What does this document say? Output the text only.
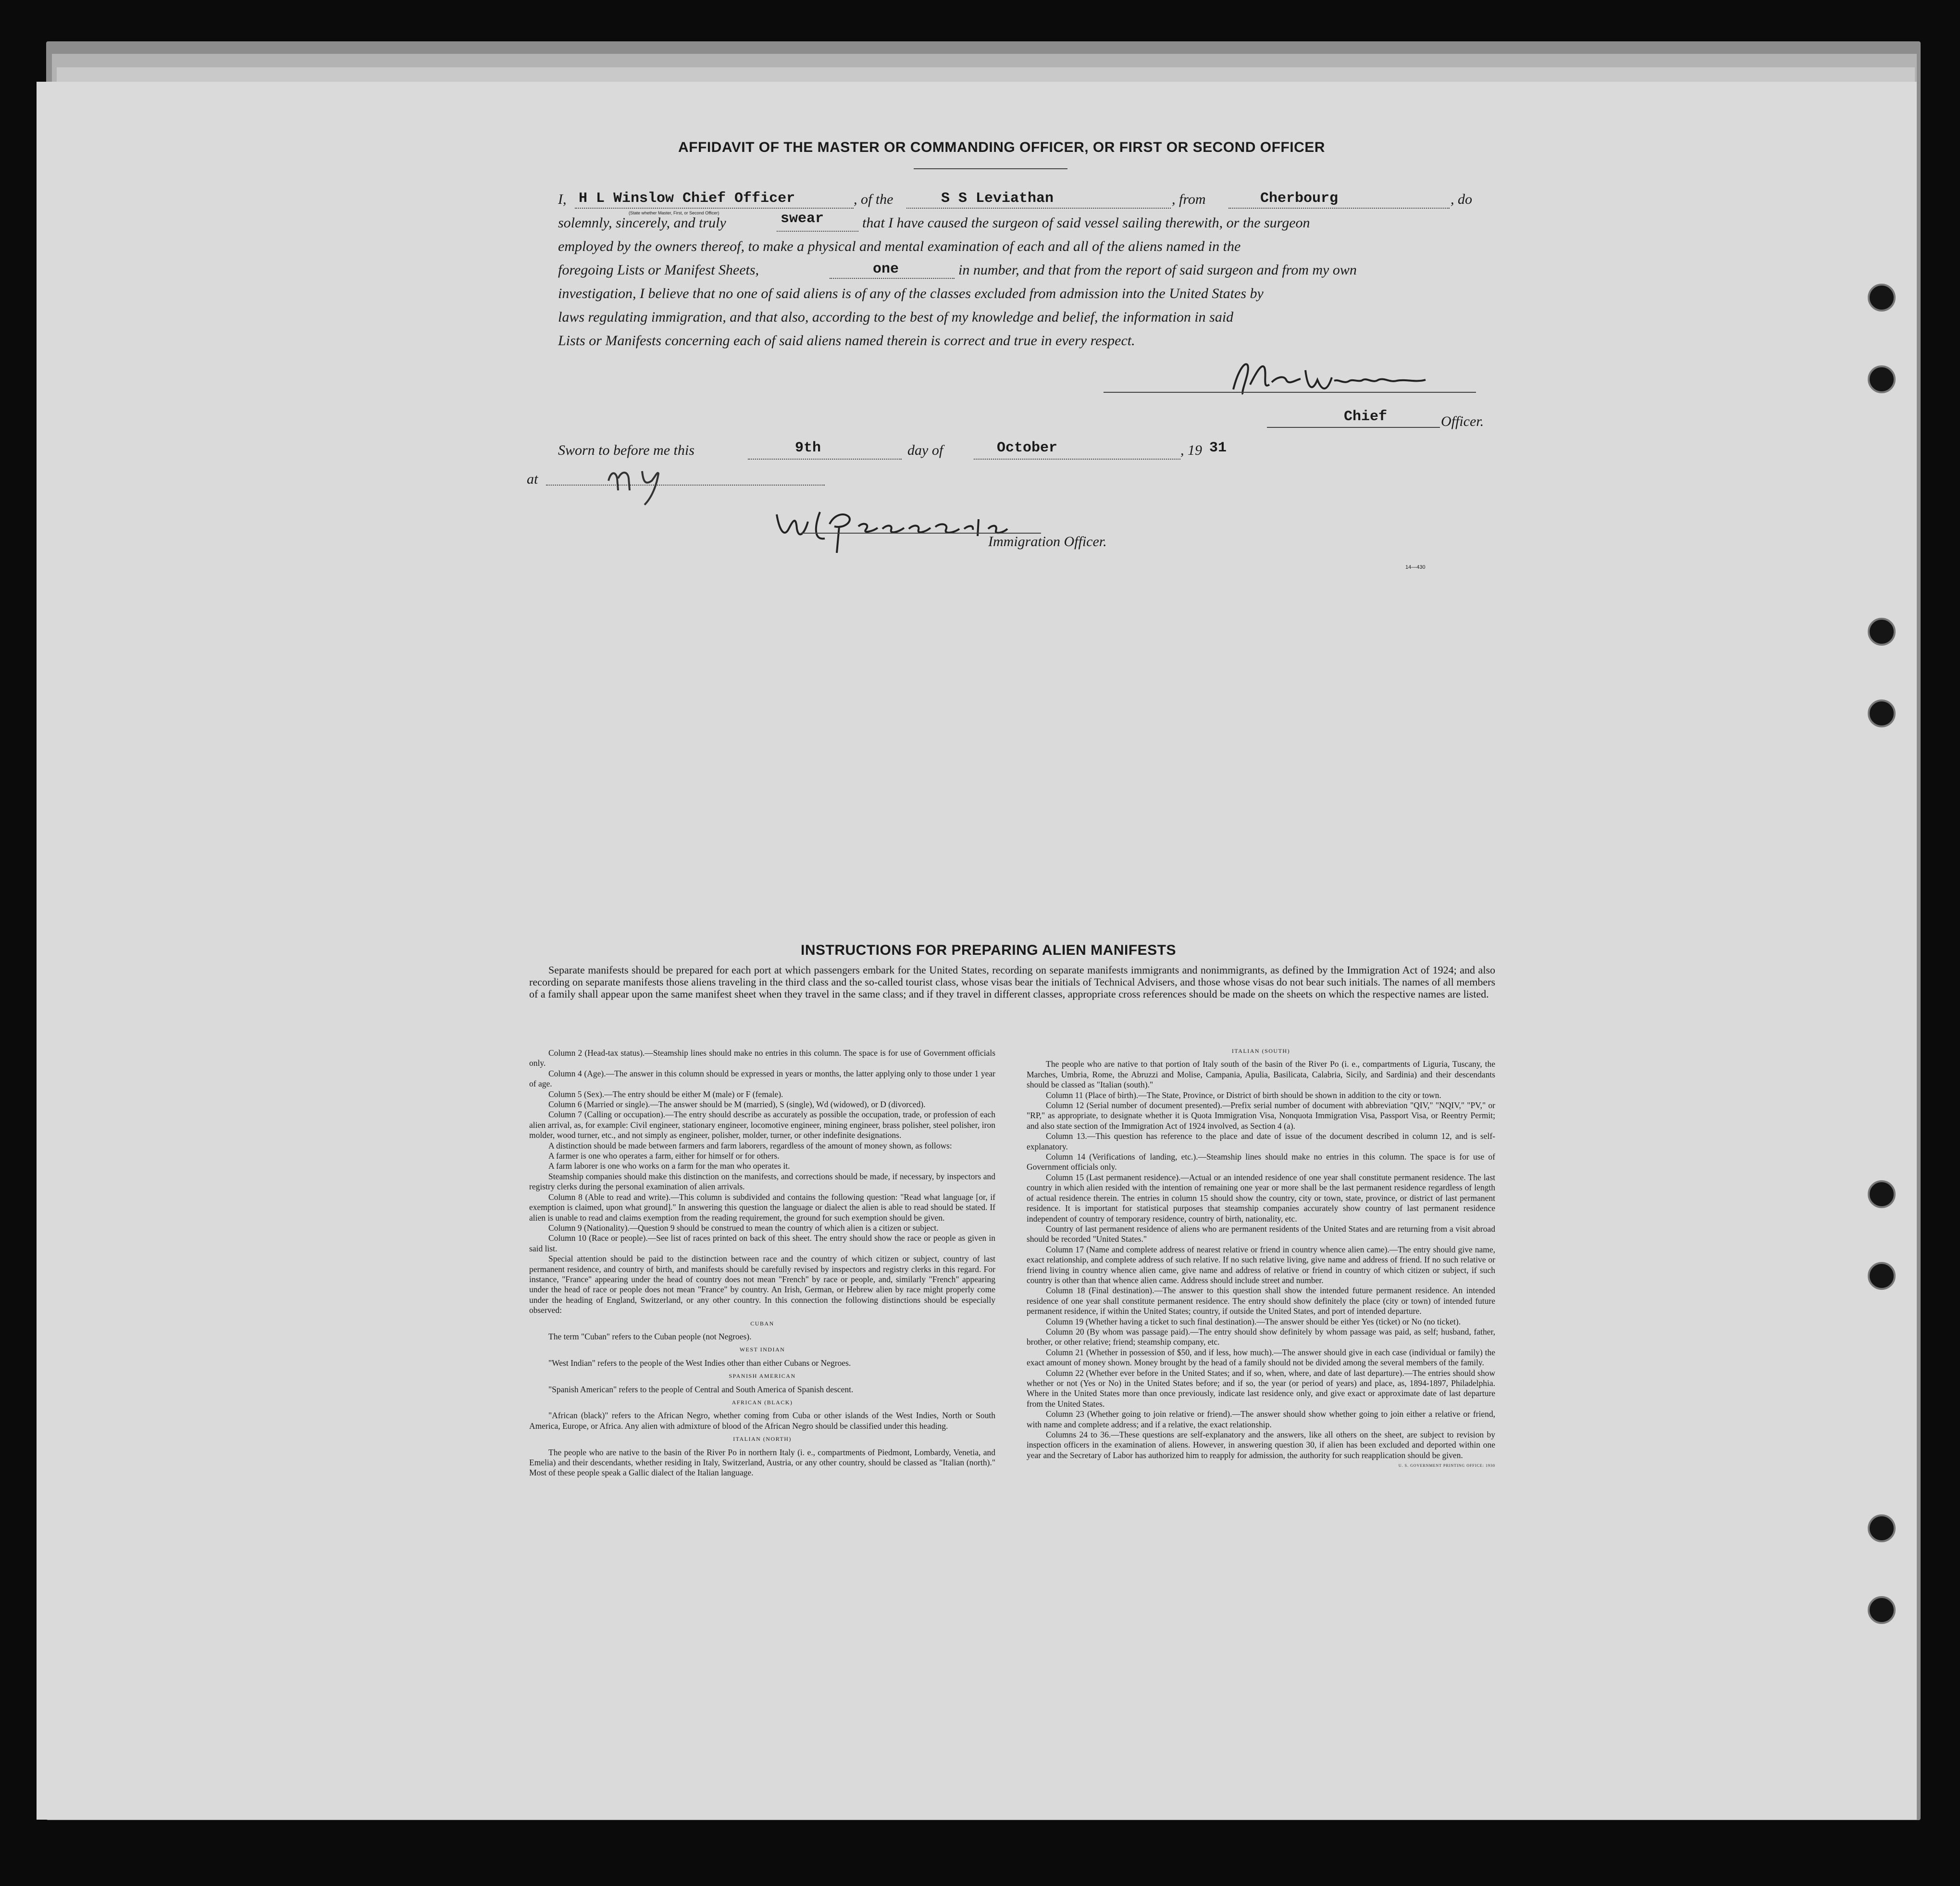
AFFIDAVIT OF THE MASTER OR COMMANDING OFFICER, OR FIRST OR SECOND OFFICER
I, H L Winslow Chief Officer
(State whether Master, First, or Second Officer)
, of the	S S Leviathan	, from	Cherbourg	, do
solemnly, sincerely, and truly	swear	that I have caused the surgeon of said vessel sailing therewith, or the surgeon
employed by the owners thereof, to make a physical and mental examination of each and all of the aliens named in the
foregoing Lists or Manifest Sheets,	one	in number, and that from the report of said surgeon and from my own
investigation, I believe that no one of said aliens is of any of the classes excluded from admission into the United States by
laws regulating immigration, and that also, according to the best of my knowledge and belief, the information in said
Lists or Manifests concerning each of said aliens named therein is correct and true in every respect.
Chief	Officer.
Sworn to before me this	9th	day of	October	, 19 31
at
Immigration Officer.
14—430
INSTRUCTIONS FOR PREPARING ALIEN MANIFESTS
Separate manifests should be prepared for each port at which passengers embark for the United States, recording on separate manifests immigrants and nonimmigrants, as defined by the Immigration Act of 1924; and also recording on separate manifests those aliens traveling in the third class and the so-called tourist class, whose visas bear the initials of Technical Advisers, and those whose visas do not bear such initials. The names of all members of a family shall appear upon the same manifest sheet when they travel in the same class; and if they travel in different classes, appropriate cross references should be made on the sheets on which the respective names are listed.

Column 2 (Head-tax status).—Steamship lines should make no entries in this column. The space is for use of Government officials only.

Column 4 (Age).—The answer in this column should be expressed in years or months, the latter applying only to those under 1 year of age.

Column 5 (Sex).—The entry should be either M (male) or F (female).

Column 6 (Married or single).—The answer should be M (married), S (single), Wd (widowed), or D (divorced).

Column 7 (Calling or occupation).—The entry should describe as accurately as possible the occupation, trade, or profession of each alien arrival, as, for example: Civil engineer, stationary engineer, locomotive engineer, mining engineer, brass polisher, steel polisher, iron molder, wood turner, etc., and not simply as engineer, polisher, molder, turner, or other indefinite designations.

A distinction should be made between farmers and farm laborers, regardless of the amount of money shown, as follows:

A farmer is one who operates a farm, either for himself or for others.

A farm laborer is one who works on a farm for the man who operates it.

Steamship companies should make this distinction on the manifests, and corrections should be made, if necessary, by inspectors and registry clerks during the personal examination of alien arrivals.

Column 8 (Able to read and write).—This column is subdivided and contains the following question: "Read what language [or, if exemption is claimed, upon what ground]." In answering this question the language or dialect the alien is able to read should be stated. If alien is unable to read and claims exemption from the reading requirement, the ground for such exemption should be given.

Column 9 (Nationality).—Question 9 should be construed to mean the country of which alien is a citizen or subject.

Column 10 (Race or people).—See list of races printed on back of this sheet. The entry should show the race or people as given in said list.

Special attention should be paid to the distinction between race and the country of which citizen or subject, country of last permanent residence, and country of birth, and manifests should be carefully revised by inspectors and registry clerks in this regard. For instance, "France" appearing under the head of country does not mean "French" by race or people, and, similarly "French" appearing under the head of race or people does not mean "France" by country. An Irish, German, or Hebrew alien by race might properly come under the heading of England, Switzerland, or any other country. In this connection the following distinctions should be especially observed:

CUBAN

The term "Cuban" refers to the Cuban people (not Negroes).

WEST INDIAN

"West Indian" refers to the people of the West Indies other than either Cubans or Negroes.

SPANISH AMERICAN

"Spanish American" refers to the people of Central and South America of Spanish descent.

AFRICAN (BLACK)

"African (black)" refers to the African Negro, whether coming from Cuba or other islands of the West Indies, North or South America, Europe, or Africa. Any alien with admixture of blood of the African Negro should be classified under this heading.

ITALIAN (NORTH)

The people who are native to the basin of the River Po in northern Italy (i. e., compartments of Piedmont, Lombardy, Venetia, and Emelia) and their descendants, whether residing in Italy, Switzerland, Austria, or any other country, should be classed as "Italian (north)." Most of these people speak a Gallic dialect of the Italian language.

ITALIAN (SOUTH)

The people who are native to that portion of Italy south of the basin of the River Po (i. e., compartments of Liguria, Tuscany, the Marches, Umbria, Rome, the Abruzzi and Molise, Campania, Apulia, Basilicata, Calabria, Sicily, and Sardinia) and their descendants should be classed as "Italian (south)."

Column 11 (Place of birth).—The State, Province, or District of birth should be shown in addition to the city or town.

Column 12 (Serial number of document presented).—Prefix serial number of document with abbreviation "QIV," "NQIV," "PV," or "RP," as appropriate, to designate whether it is Quota Immigration Visa, Nonquota Immigration Visa, Passport Visa, or Reentry Permit; and also state section of the Immigration Act of 1924 involved, as Section 4 (a).

Column 13.—This question has reference to the place and date of issue of the document described in column 12, and is self-explanatory.

Column 14 (Verifications of landing, etc.).—Steamship lines should make no entries in this column. The space is for use of Government officials only.

Column 15 (Last permanent residence).—Actual or an intended residence of one year shall constitute permanent residence. The last country in which alien resided with the intention of remaining one year or more shall be the last permanent residence regardless of length of actual residence therein. The entries in column 15 should show the country, city or town, state, province, or district of last permanent residence. It is important for statistical purposes that steamship companies accurately show country of last permanent residence independent of country of temporary residence, country of birth, nationality, etc.

Country of last permanent residence of aliens who are permanent residents of the United States and are returning from a visit abroad should be recorded "United States."

Column 17 (Name and complete address of nearest relative or friend in country whence alien came).—The entry should give name, exact relationship, and complete address of such relative. If no such relative living, give name and address of friend. If no such relative or friend living in country whence alien came, give name and address of relative or friend in country of which citizen or subject, if such country is other than that whence alien came. Address should include street and number.

Column 18 (Final destination).—The answer to this question shall show the intended future permanent residence. An intended residence of one year shall constitute permanent residence. The entry should show definitely the place (city or town) of intended future permanent residence, if within the United States; country, if outside the United States, and port of intended departure.

Column 19 (Whether having a ticket to such final destination).—The answer should be either Yes (ticket) or No (no ticket).

Column 20 (By whom was passage paid).—The entry should show definitely by whom passage was paid, as self; husband, father, brother, or other relative; friend; steamship company, etc.

Column 21 (Whether in possession of $50, and if less, how much).—The answer should give in each case (individual or family) the exact amount of money shown. Money brought by the head of a family should not be divided among the several members of the family.

Column 22 (Whether ever before in the United States; and if so, when, where, and date of last departure).—The entries should show whether or not (Yes or No) in the United States before; and if so, the year (or period of years) and place, as, 1894-1897, Philadelphia. Where in the United States more than once previously, indicate last residence only, and give exact or approximate date of last departure from the United States.

Column 23 (Whether going to join relative or friend).—The answer should show whether going to join either a relative or friend, with name and complete address; and if a relative, the exact relationship.

Columns 24 to 36.—These questions are self-explanatory and the answers, like all others on the sheet, are subject to revision by inspection officers in the examination of aliens. However, in answering question 30, if alien has been excluded and deported within one year and the Secretary of Labor has authorized him to reapply for admission, the authority for such reapplication should be given.

U. S. GOVERNMENT PRINTING OFFICE: 1930
